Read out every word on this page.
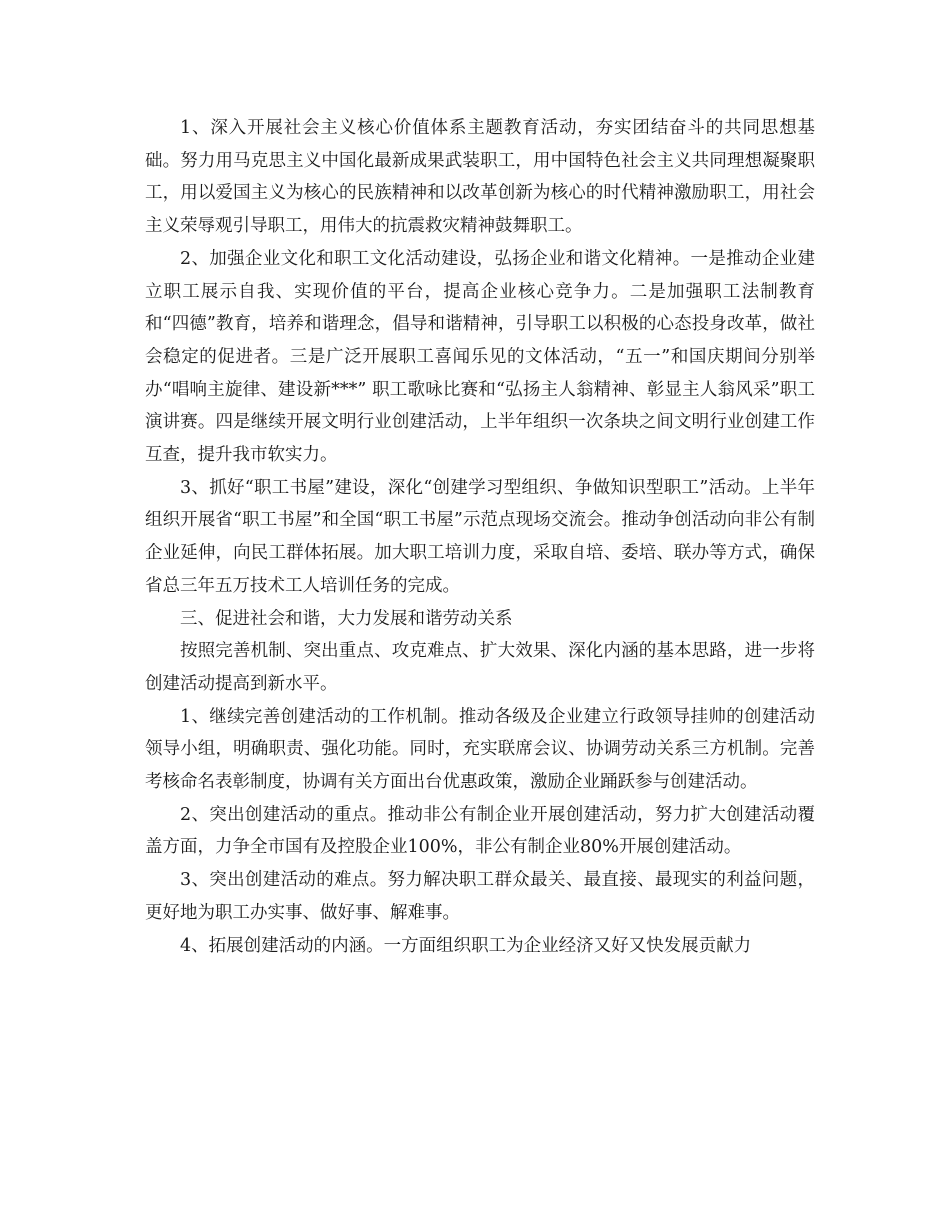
1、深入开展社会主义核心价值体系主题教育活动，夯实团结奋斗的共同思想基础。努力用马克思主义中国化最新成果武装职工，用中国特色社会主义共同理想凝聚职工，用以爱国主义为核心的民族精神和以改革创新为核心的时代精神激励职工，用社会主义荣辱观引导职工，用伟大的抗震救灾精神鼓舞职工。

2、加强企业文化和职工文化活动建设，弘扬企业和谐文化精神。一是推动企业建立职工展示自我、实现价值的平台，提高企业核心竞争力。二是加强职工法制教育和“四德”教育，培养和谐理念，倡导和谐精神，引导职工以积极的心态投身改革，做社会稳定的促进者。三是广泛开展职工喜闻乐见的文体活动，“五一”和国庆期间分别举办“唱响主旋律、建设新***” 职工歌咏比赛和“弘扬主人翁精神、彰显主人翁风采”职工演讲赛。四是继续开展文明行业创建活动，上半年组织一次条块之间文明行业创建工作互查，提升我市软实力。

3、抓好“职工书屋”建设，深化“创建学习型组织、争做知识型职工”活动。上半年组织开展省“职工书屋”和全国“职工书屋”示范点现场交流会。推动争创活动向非公有制企业延伸，向民工群体拓展。加大职工培训力度，采取自培、委培、联办等方式，确保省总三年五万技术工人培训任务的完成。

三、促进社会和谐，大力发展和谐劳动关系

按照完善机制、突出重点、攻克难点、扩大效果、深化内涵的基本思路，进一步将创建活动提高到新水平。

1、继续完善创建活动的工作机制。推动各级及企业建立行政领导挂帅的创建活动领导小组，明确职责、强化功能。同时，充实联席会议、协调劳动关系三方机制。完善考核命名表彰制度，协调有关方面出台优惠政策，激励企业踊跃参与创建活动。

2、突出创建活动的重点。推动非公有制企业开展创建活动，努力扩大创建活动覆盖方面，力争全市国有及控股企业100%，非公有制企业80%开展创建活动。

3、突出创建活动的难点。努力解决职工群众最关、最直接、最现实的利益问题，更好地为职工办实事、做好事、解难事。

4、拓展创建活动的内涵。一方面组织职工为企业经济又好又快发展贡献力
